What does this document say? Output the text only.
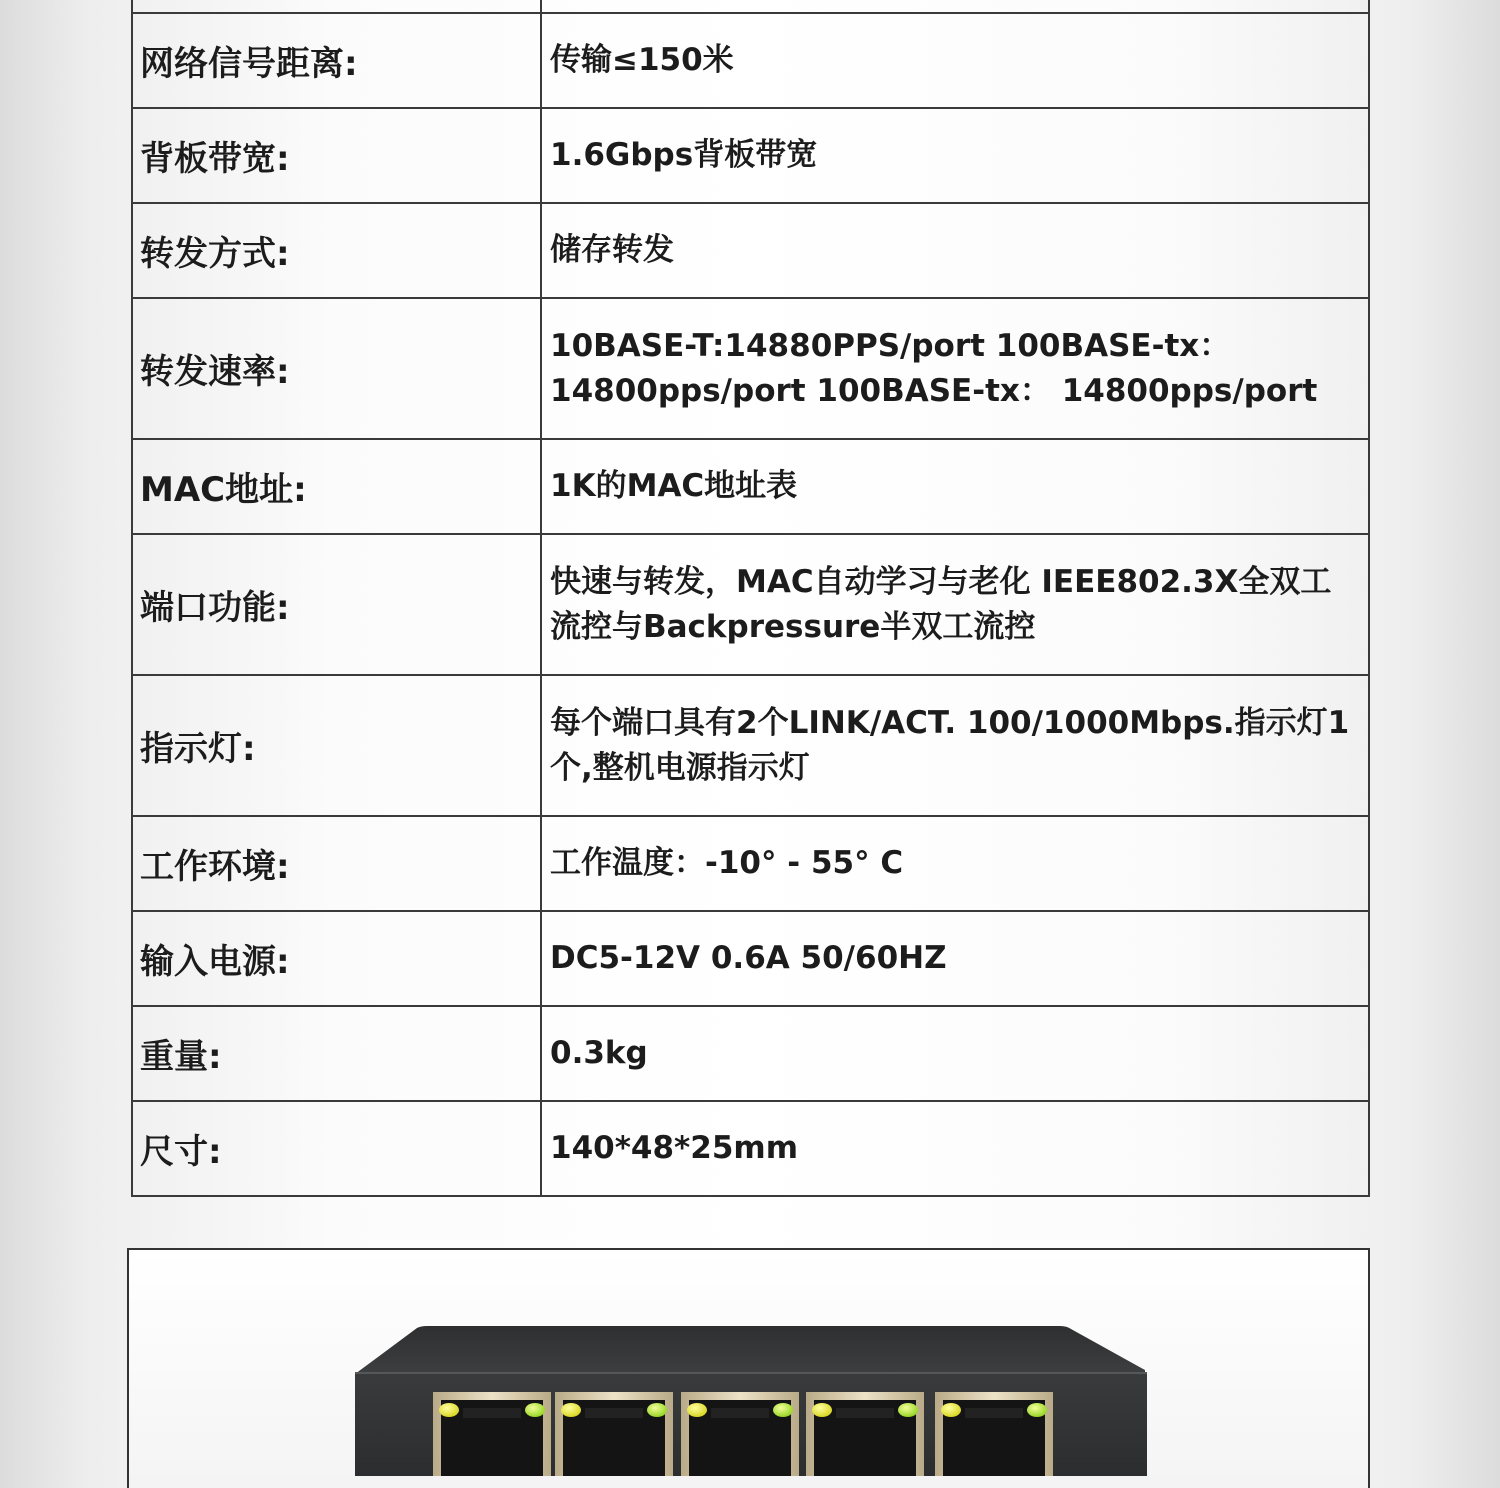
网络信号距离:	传输≤150米
背板带宽:	1.6Gbps背板带宽
转发方式:	储存转发
转发速率:	10BASE-T:14880PPS/port 100BASE-tx：14800pps/port 100BASE-tx： 14800pps/port
MAC地址:	1K的MAC地址表
端口功能:	快速与转发，MAC自动学习与老化 IEEE802.3X全双工流控与Backpressure半双工流控
指示灯:	每个端口具有2个LINK/ACT. 100/1000Mbps.指示灯1个,整机电源指示灯
工作环境:	工作温度：-10° - 55° C
输入电源:	DC5-12V 0.6A 50/60HZ
重量:	0.3kg
尺寸:	140*48*25mm
